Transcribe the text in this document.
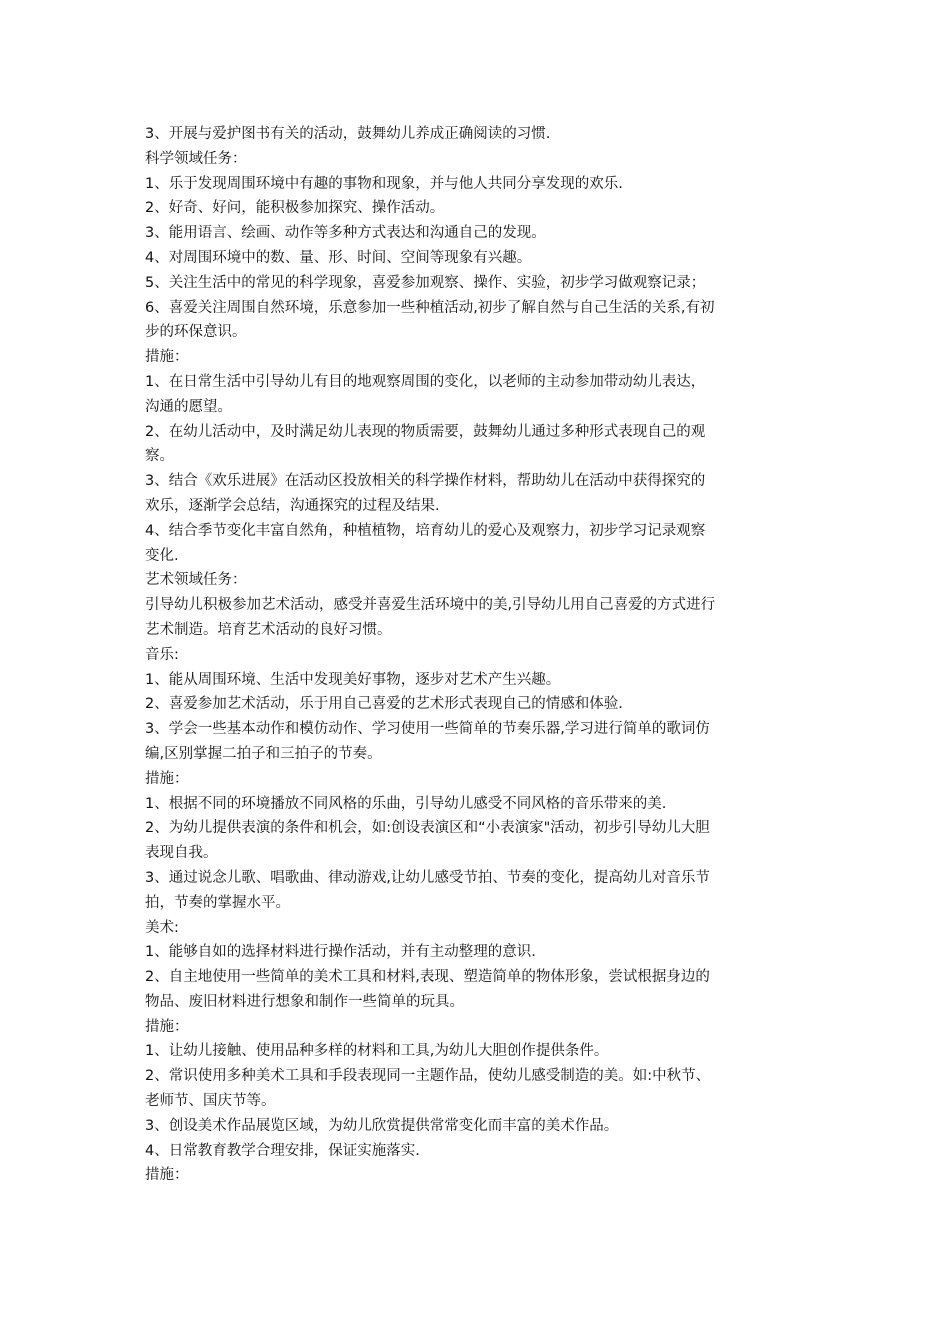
3、开展与爱护图书有关的活动，鼓舞幼儿养成正确阅读的习惯.
科学领域任务：
1、乐于发现周围环境中有趣的事物和现象，并与他人共同分享发现的欢乐.
2、好奇、好问，能积极参加探究、操作活动。
3、能用语言、绘画、动作等多种方式表达和沟通自己的发现。
4、对周围环境中的数、量、形、时间、空间等现象有兴趣。
5、关注生活中的常见的科学现象，喜爱参加观察、操作、实验，初步学习做观察记录；
6、喜爱关注周围自然环境，乐意参加一些种植活动,初步了解自然与自己生活的关系,有初
步的环保意识。
措施：
1、在日常生活中引导幼儿有目的地观察周围的变化，以老师的主动参加带动幼儿表达，
沟通的愿望。
2、在幼儿活动中，及时满足幼儿表现的物质需要，鼓舞幼儿通过多种形式表现自己的观
察。
3、结合《欢乐进展》在活动区投放相关的科学操作材料，帮助幼儿在活动中获得探究的
欢乐，逐渐学会总结，沟通探究的过程及结果.
4、结合季节变化丰富自然角，种植植物，培育幼儿的爱心及观察力，初步学习记录观察
变化.
艺术领域任务：
引导幼儿积极参加艺术活动，感受并喜爱生活环境中的美,引导幼儿用自己喜爱的方式进行
艺术制造。培育艺术活动的良好习惯。
音乐:
1、能从周围环境、生活中发现美好事物，逐步对艺术产生兴趣。
2、喜爱参加艺术活动，乐于用自己喜爱的艺术形式表现自己的情感和体验.
3、学会一些基本动作和模仿动作、学习使用一些简单的节奏乐器,学习进行简单的歌词仿
编,区别掌握二拍子和三拍子的节奏。
措施：
1、根据不同的环境播放不同风格的乐曲，引导幼儿感受不同风格的音乐带来的美.
2、为幼儿提供表演的条件和机会，如:创设表演区和“小表演家"活动，初步引导幼儿大胆
表现自我。
3、通过说念儿歌、唱歌曲、律动游戏,让幼儿感受节拍、节奏的变化，提高幼儿对音乐节
拍，节奏的掌握水平。
美术:
1、能够自如的选择材料进行操作活动，并有主动整理的意识.
2、自主地使用一些简单的美术工具和材料,表现、塑造简单的物体形象，尝试根据身边的
物品、废旧材料进行想象和制作一些简单的玩具。
措施：
1、让幼儿接触、使用品种多样的材料和工具,为幼儿大胆创作提供条件。
2、常识使用多种美术工具和手段表现同一主题作品，使幼儿感受制造的美。如:中秋节、
老师节、国庆节等。
3、创设美术作品展览区域，为幼儿欣赏提供常常变化而丰富的美术作品。
4、日常教育教学合理安排，保证实施落实.
措施：
